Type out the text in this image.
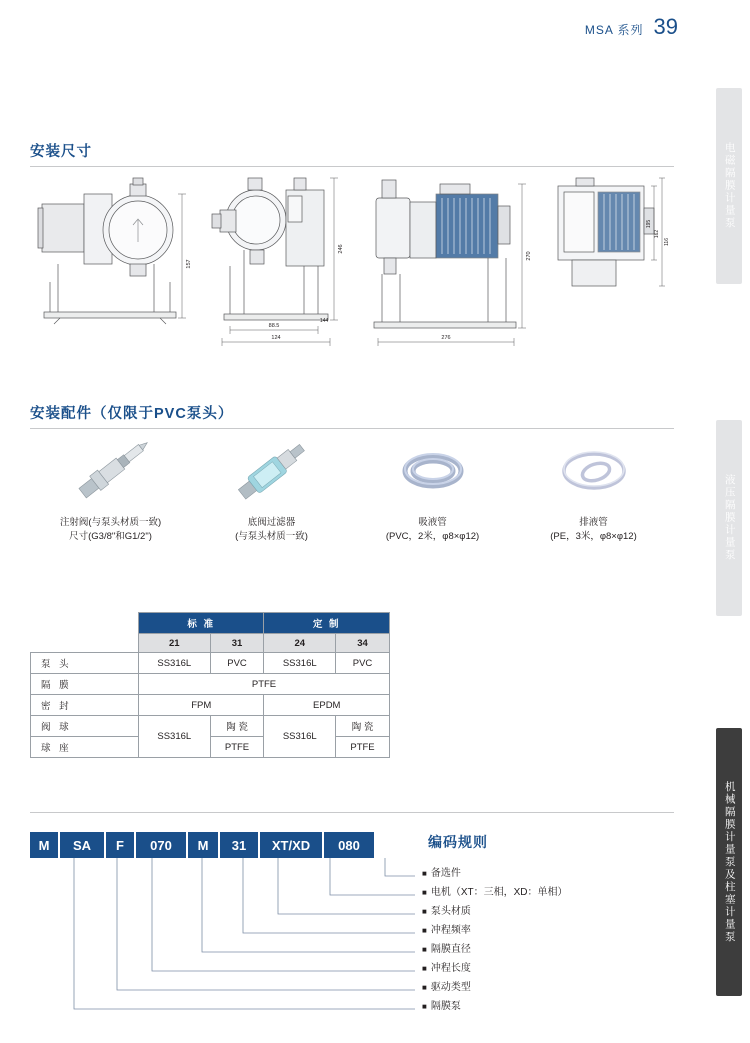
MSA 系列 39
电磁隔膜计量泵
液压隔膜计量泵
机械隔膜计量泵及柱塞计量泵
安装尺寸
157
246
88.5
124
144
270
276
195
162
116
安装配件（仅限于PVC泵头）
注射阀(与泵头材质一致)
尺寸(G3/8"和G1/2")
底阀过滤器
(与泵头材质一致)
吸液管
(PVC，2米，φ8×φ12)
排液管
(PE，3米，φ8×φ12)
	标 准		定 制	
	21	31	24	34
泵 头	SS316L	PVC	SS316L	PVC
隔 膜	PTFE			
密 封	FPM		EPDM	
阀 球	SS316L	陶 瓷	SS316L	陶 瓷
球 座		PTFE		PTFE
编码规则
M	SA	F	070	M	31	XT/XD	080
■ 备选件
■ 电机（XT：三相，XD：单相）
■ 泵头材质
■ 冲程频率
■ 隔膜直径
■ 冲程长度
■ 驱动类型
■ 隔膜泵
